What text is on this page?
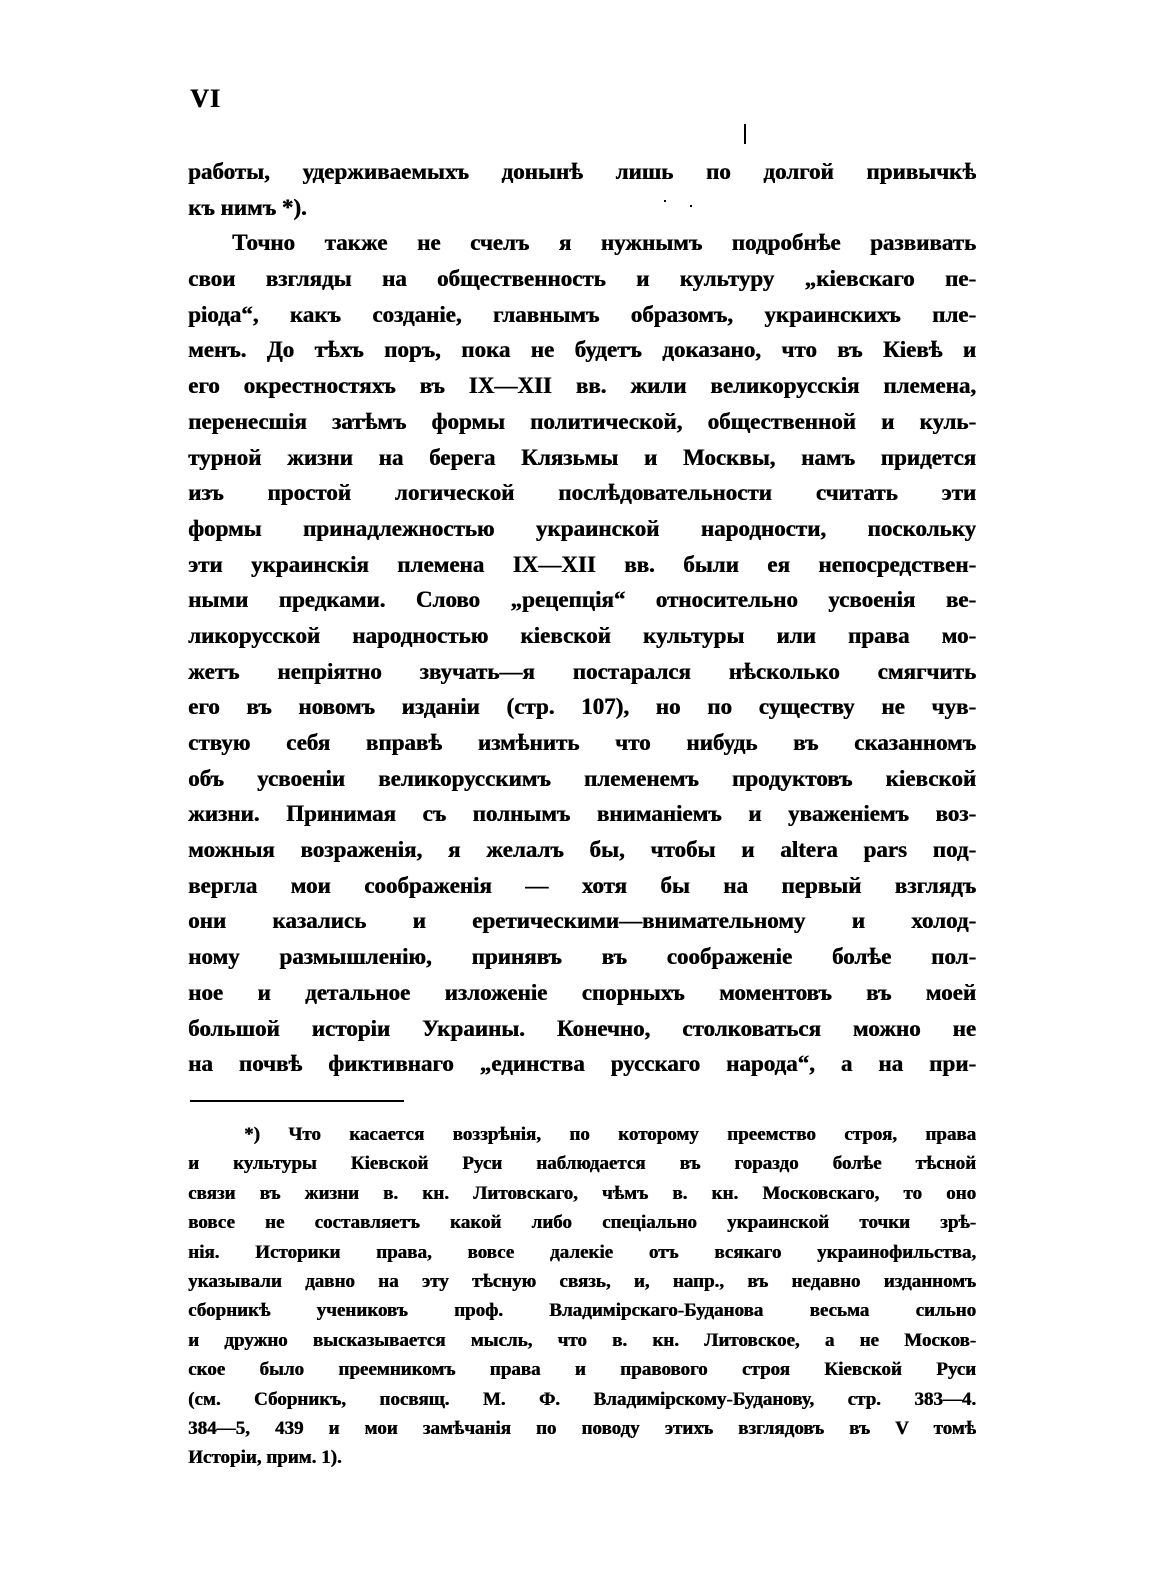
VI
работы, удерживаемыхъ донынѣ лишь по долгой привычкѣ
къ нимъ *).
Точно также не счелъ я нужнымъ подробнѣе развивать
свои взгляды на общественность и культуру „кіевскаго пе-
ріода“, какъ созданіе, главнымъ образомъ, украинскихъ пле-
менъ. До тѣхъ поръ, пока не будетъ доказано, что въ Кіевѣ и
его окрестностяхъ въ IX—XII вв. жили великорусскія племена,
перенесшія затѣмъ формы политической, общественной и куль-
турной жизни на берега Клязьмы и Москвы, намъ придется
изъ простой логической послѣдовательности считать эти
формы принадлежностью украинской народности, поскольку
эти украинскія племена IX—XII вв. были ея непосредствен-
ными предками. Слово „рецепція“ относительно усвоенія ве-
ликорусской народностью кіевской культуры или права мо-
жетъ непріятно звучать—я постарался нѣсколько смягчить
его въ новомъ изданіи (стр. 107), но по существу не чув-
ствую себя вправѣ измѣнить что нибудь въ сказанномъ
объ усвоеніи великорусскимъ племенемъ продуктовъ кіевской
жизни. Принимая съ полнымъ вниманіемъ и уваженіемъ воз-
можныя возраженія, я желалъ бы, чтобы и altera pars под-
вергла мои соображенія — хотя бы на первый взглядъ
они казались и еретическими—внимательному и холод-
ному размышленію, принявъ въ соображеніе болѣе пол-
ное и детальное изложеніе спорныхъ моментовъ въ моей
большой исторіи Украины. Конечно, столковаться можно не
на почвѣ фиктивнаго „единства русскаго народа“, а на при-
*) Что касается воззрѣнія, по которому преемство строя, права
и культуры Кіевской Руси наблюдается въ гораздо болѣе тѣсной
связи въ жизни в. кн. Литовскаго, чѣмъ в. кн. Московскаго, то оно
вовсе не составляетъ какой либо спеціально украинской точки зрѣ-
нія. Историки права, вовсе далекіе отъ всякаго украинофильства,
указывали давно на эту тѣсную связь, и, напр., въ недавно изданномъ
сборникѣ учениковъ проф. Владимірскаго-Буданова весьма сильно
и дружно высказывается мысль, что в. кн. Литовское, а не Москов-
ское было преемникомъ права и правового строя Кіевской Руси
(см. Сборникъ, посвящ. М. Ф. Владимірскому-Буданову, стр. 383—4.
384—5, 439 и мои замѣчанія по поводу этихъ взглядовъ въ V томѣ
Исторіи, прим. 1).
